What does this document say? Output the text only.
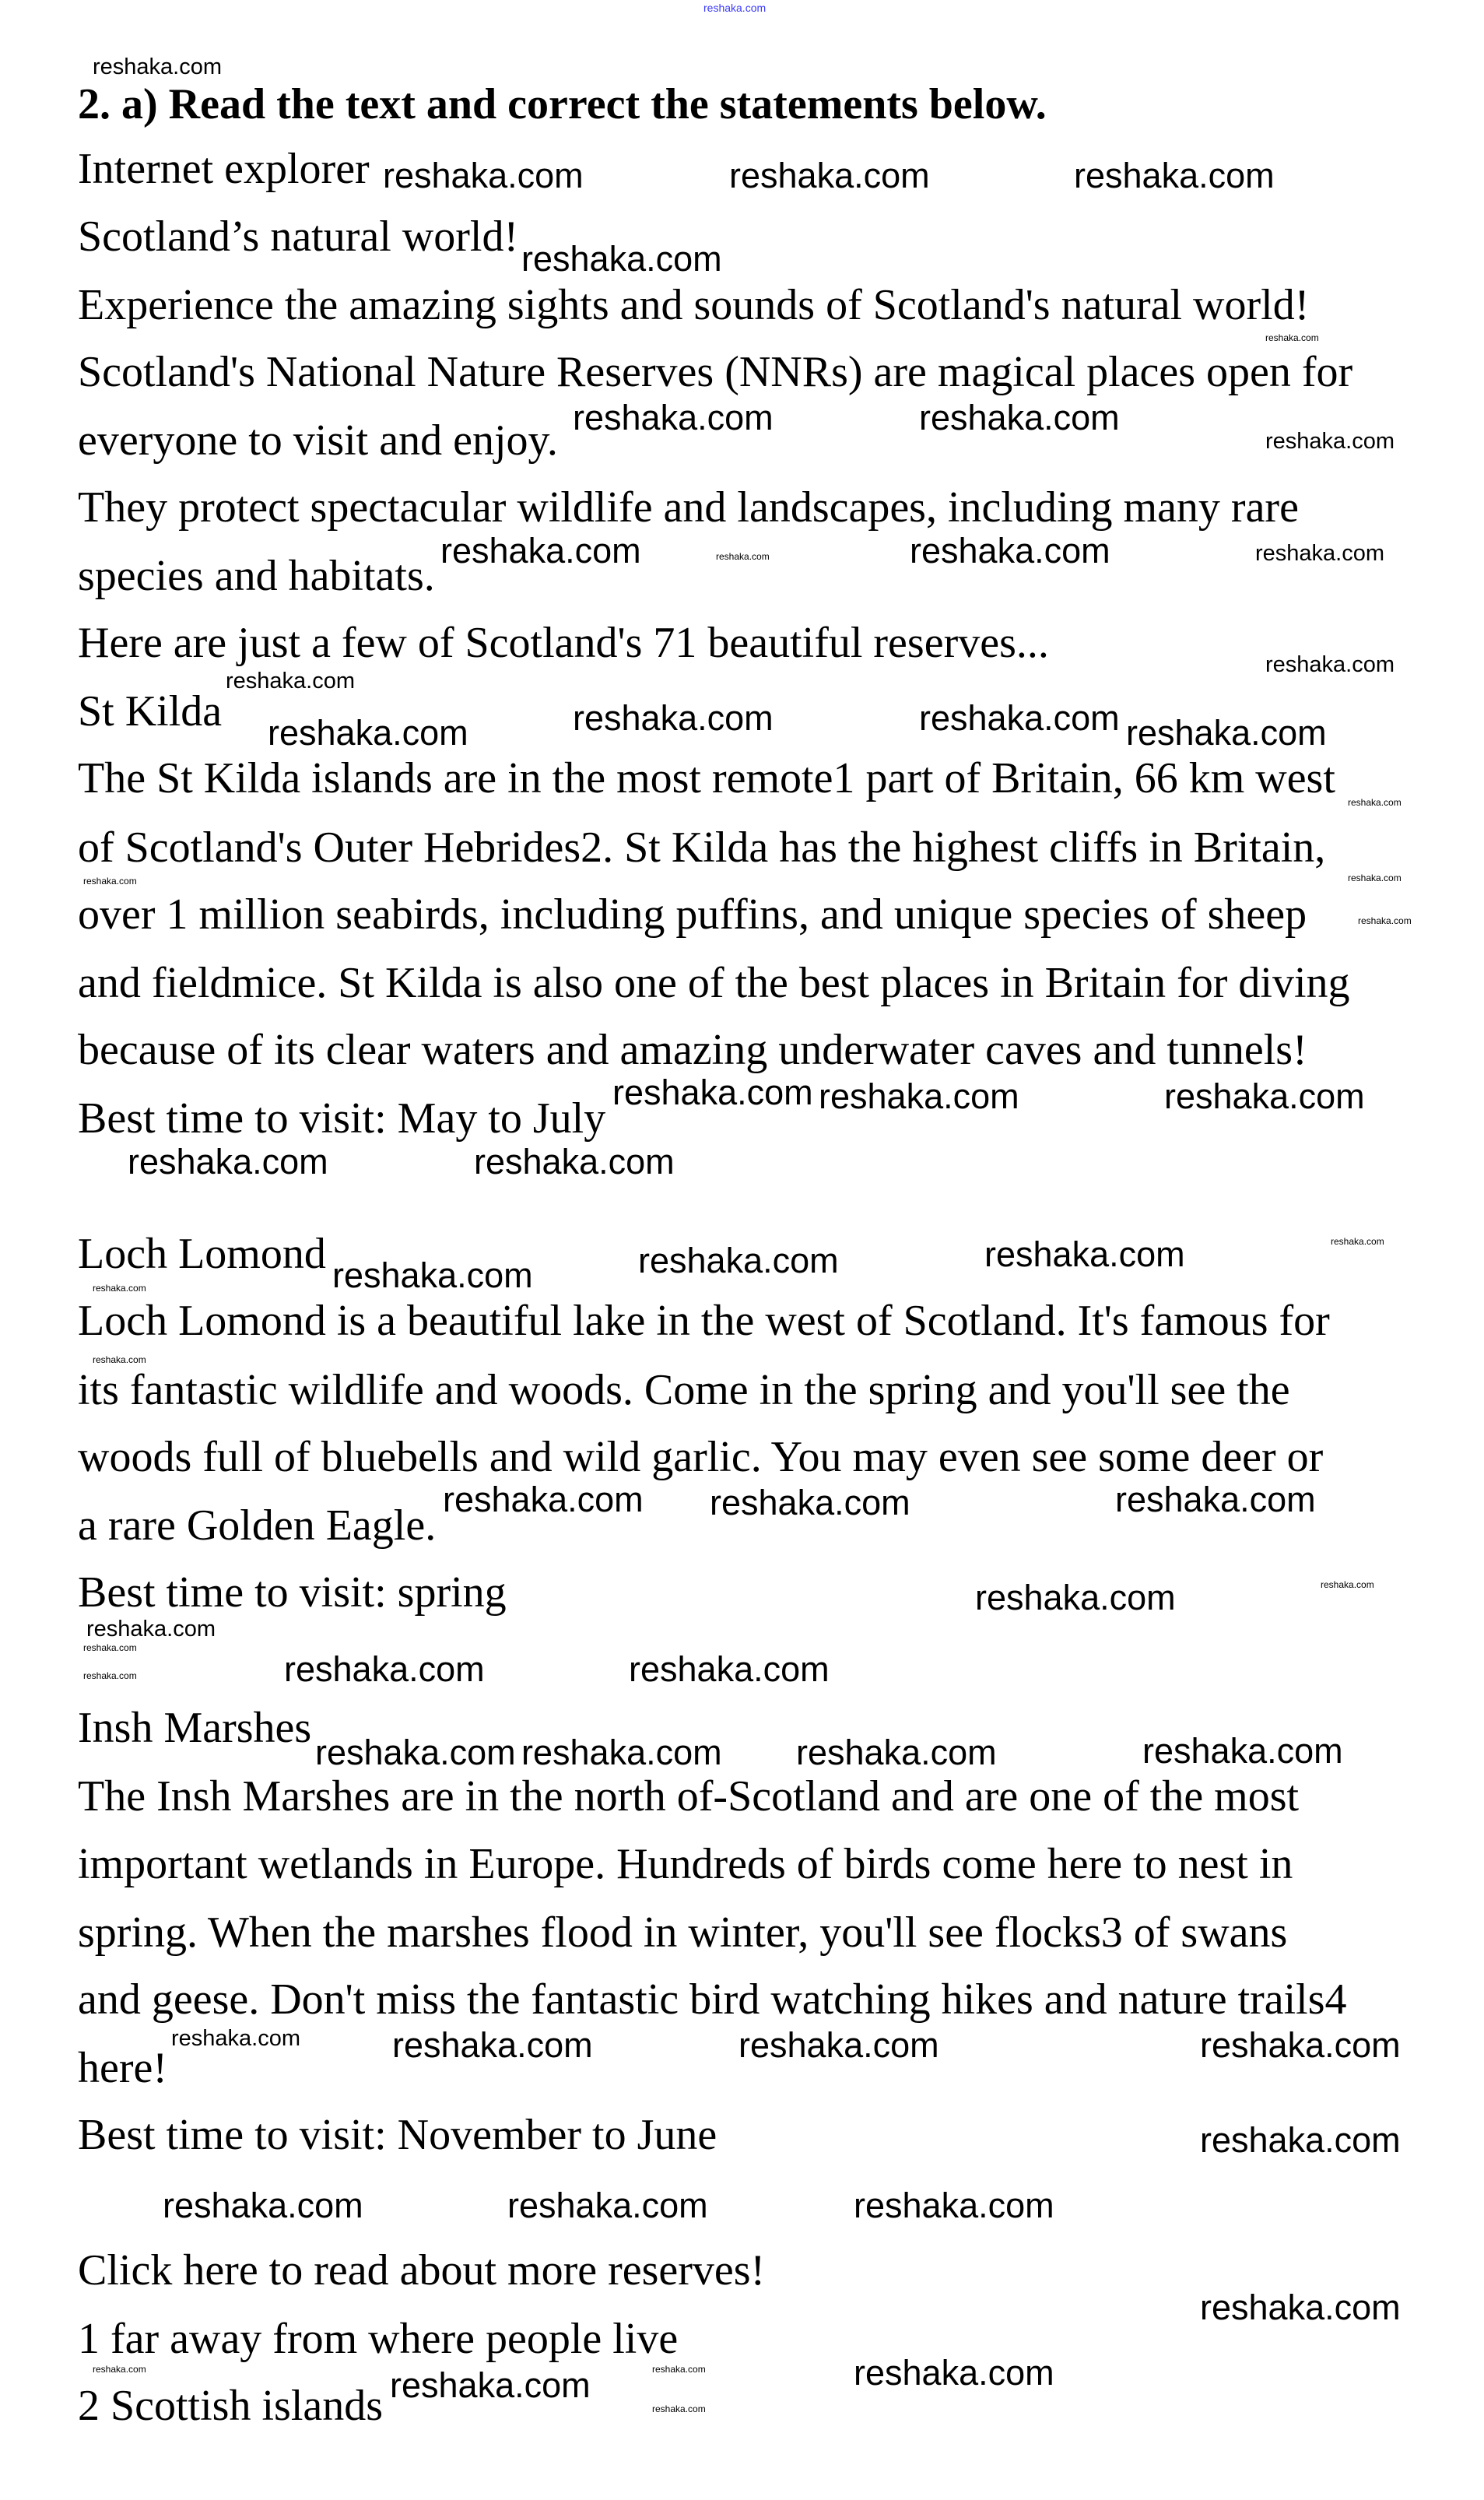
2. a) Read the text and correct the statements below.
Internet explorer
Scotland’s natural world!
Experience the amazing sights and sounds of Scotland's natural world!
Scotland's National Nature Reserves (NNRs) are magical places open for
everyone to visit and enjoy.
They protect spectacular wildlife and landscapes, including many rare
species and habitats.
Here are just a few of Scotland's 71 beautiful reserves...
St Kilda
The St Kilda islands are in the most remote1 part of Britain, 66 km west
of Scotland's Outer Hebrides2. St Kilda has the highest cliffs in Britain,
over 1 million seabirds, including puffins, and unique species of sheep
and fieldmice. St Kilda is also one of the best places in Britain for diving
because of its clear waters and amazing underwater caves and tunnels!
Best time to visit: May to July
Loch Lomond
Loch Lomond is a beautiful lake in the west of Scotland. It's famous for
its fantastic wildlife and woods. Come in the spring and you'll see the
woods full of bluebells and wild garlic. You may even see some deer or
a rare Golden Eagle.
Best time to visit: spring
Insh Marshes
The Insh Marshes are in the north of-Scotland and are one of the most
important wetlands in Europe. Hundreds of birds come here to nest in
spring. When the marshes flood in winter, you'll see flocks3 of swans
and geese. Don't miss the fantastic bird watching hikes and nature trails4
here!
Best time to visit: November to June
Click here to read about more reserves!
1 far away from where people live
2 Scottish islands
reshaka.com
reshaka.com	reshaka.com	reshaka.com
reshaka.com
reshaka.com	reshaka.com
reshaka.com	reshaka.com
reshaka.com	reshaka.com
reshaka.com
reshaka.com
reshaka.com
reshaka.com	reshaka.com
reshaka.com	reshaka.com
reshaka.com	reshaka.com
reshaka.com
reshaka.com	reshaka.com
reshaka.com
reshaka.com
reshaka.com	reshaka.com
reshaka.com
reshaka.com reshaka.com reshaka.com
reshaka.com
reshaka.com	reshaka.com
reshaka.com
reshaka.com	reshaka.com	reshaka.com
reshaka.com
reshaka.com	reshaka.com
reshaka.com
reshaka.com
reshaka.com
reshaka.com
reshaka.com
reshaka.com
reshaka.com
reshaka.com
reshaka.com
reshaka.com
reshaka.com
reshaka.com
reshaka.com
reshaka.com
reshaka.com
reshaka.com
reshaka.com
reshaka.com
reshaka.com
reshaka.com	reshaka.com
reshaka.com
